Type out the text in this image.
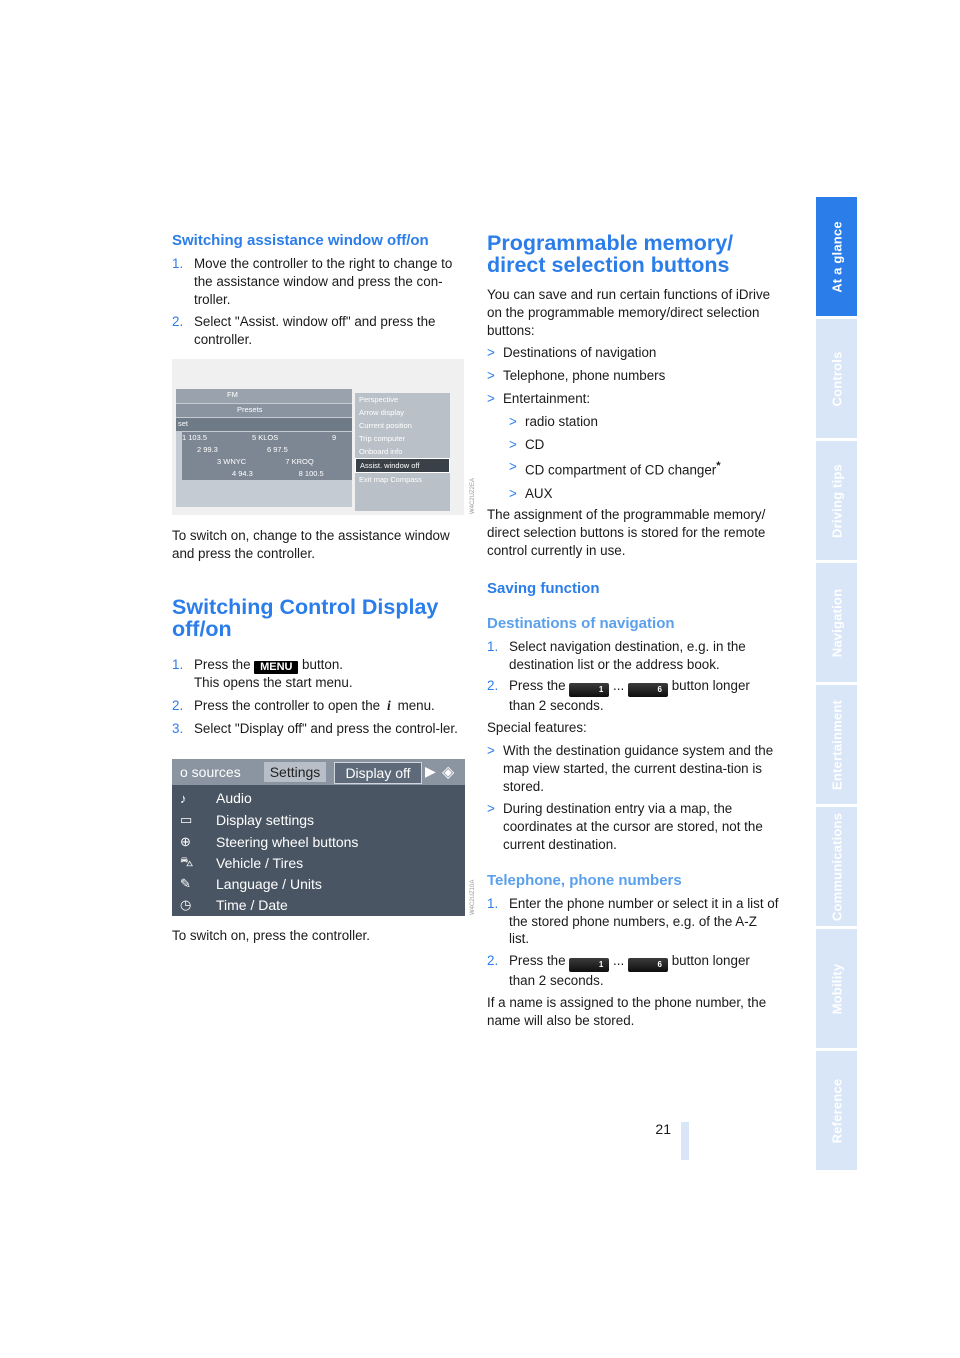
At a glance
Controls
Driving tips
Navigation
Entertainment
Communications
Mobility
Reference
21

Switching assistance window off/on

1. Move the controller to the right to change to the assistance window and press the con-troller.
2. Select "Assist. window off" and press the controller.
FM
Presets
set
1 103.5	5 KLOS	9
2 99.3	6 97.5
3 WNYC	7 KROQ
4 94.3	8 100.5
Perspective
Arrow display
Current position
Trip computer
Onboard info
Assist. window off
Exit map Compass	W4C2UZ2EA

To switch on, change to the assistance window and press the controller.

Switching Control Display off/on

1. Press the MENU button.
This opens the start menu.
2. Press the controller to open the i menu.
3. Select "Display off" and press the control-ler.
o sources	Settings	Display off	▶ ◈
♪	Audio
▭	Display settings
⊕	Steering wheel buttons
⛍	Vehicle / Tires
✎	Language / Units
◷	Time / Date	W4C2UZ10A

To switch on, press the controller.

Programmable memory/ direct selection buttons

You can save and run certain functions of iDrive on the programmable memory/direct selection buttons:

> Destinations of navigation
> Telephone, phone numbers
> Entertainment:
> radio station
> CD
> CD compartment of CD changer*
> AUX

The assignment of the programmable memory/ direct selection buttons is stored for the remote control currently in use.

Saving function

Destinations of navigation

1. Select navigation destination, e.g. in the destination list or the address book.
2. Press the	1 ...	6 button longer
than 2 seconds.

Special features:

> With the destination guidance system and the map view started, the current destina-tion is stored.
> During destination entry via a map, the coordinates at the cursor are stored, not the current destination.

Telephone, phone numbers

1. Enter the phone number or select it in a list of the stored phone numbers, e.g. of the A-Z list.
2. Press the	1 ...	6 button longer
than 2 seconds.

If a name is assigned to the phone number, the name will also be stored.
